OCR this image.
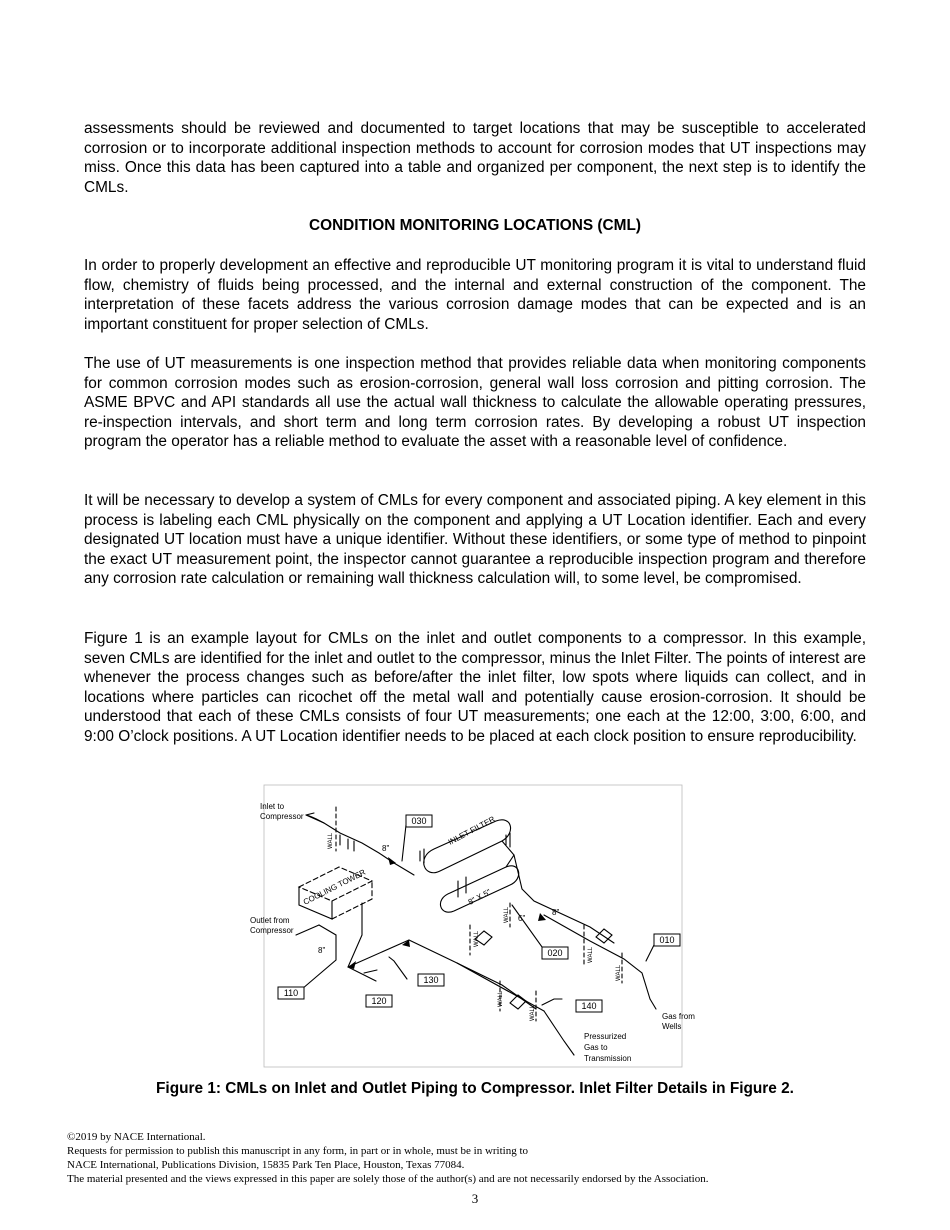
assessments should be reviewed and documented to target locations that may be susceptible to accelerated corrosion or to incorporate additional inspection methods to account for corrosion modes that UT inspections may miss. Once this data has been captured into a table and organized per component, the next step is to identify the CMLs.

CONDITION MONITORING LOCATIONS (CML)

In order to properly development an effective and reproducible UT monitoring program it is vital to understand fluid flow, chemistry of fluids being processed, and the internal and external construction of the component. The interpretation of these facets address the various corrosion damage modes that can be expected and is an important constituent for proper selection of CMLs.

The use of UT measurements is one inspection method that provides reliable data when monitoring components for common corrosion modes such as erosion-corrosion, general wall loss corrosion and pitting corrosion. The ASME BPVC and API standards all use the actual wall thickness to calculate the allowable operating pressures, re-inspection intervals, and short term and long term corrosion rates. By developing a robust UT inspection program the operator has a reliable method to evaluate the asset with a reasonable level of confidence.

It will be necessary to develop a system of CMLs for every component and associated piping. A key element in this process is labeling each CML physically on the component and applying a UT Location identifier. Each and every designated UT location must have a unique identifier. Without these identifiers, or some type of method to pinpoint the exact UT measurement point, the inspector cannot guarantee a reproducible inspection program and therefore any corrosion rate calculation or remaining wall thickness calculation will, to some level, be compromised.

Figure 1 is an example layout for CMLs on the inlet and outlet components to a compressor. In this example, seven CMLs are identified for the inlet and outlet to the compressor, minus the Inlet Filter. The points of interest are whenever the process changes such as before/after the inlet filter, low spots where liquids can collect, and in locations where particles can ricochet off the metal wall and potentially cause erosion-corrosion. It should be understood that each of these CMLs consists of four UT measurements; one each at the 12:00, 3:00, 6:00, and 9:00 O’clock positions. A UT Location identifier needs to be placed at each clock position to ensure reproducibility.

030
010
020
130
110
120	140
Inlet to
Compressor
Outlet from
Compressor
Gas from
Wells
Pressurized
Gas to
Transmission
8"
8"
8"
6"
COOLING TOWER
INLET FILTER
8" X 5"
WALL
WALL
WALL
WALL
WALL
WALL
WALL

Figure 1: CMLs on Inlet and Outlet Piping to Compressor. Inlet Filter Details in Figure 2.

©2019 by NACE International.
Requests for permission to publish this manuscript in any form, in part or in whole, must be in writing to
NACE International, Publications Division, 15835 Park Ten Place, Houston, Texas 77084.
The material presented and the views expressed in this paper are solely those of the author(s) and are not necessarily endorsed by the Association.
3
